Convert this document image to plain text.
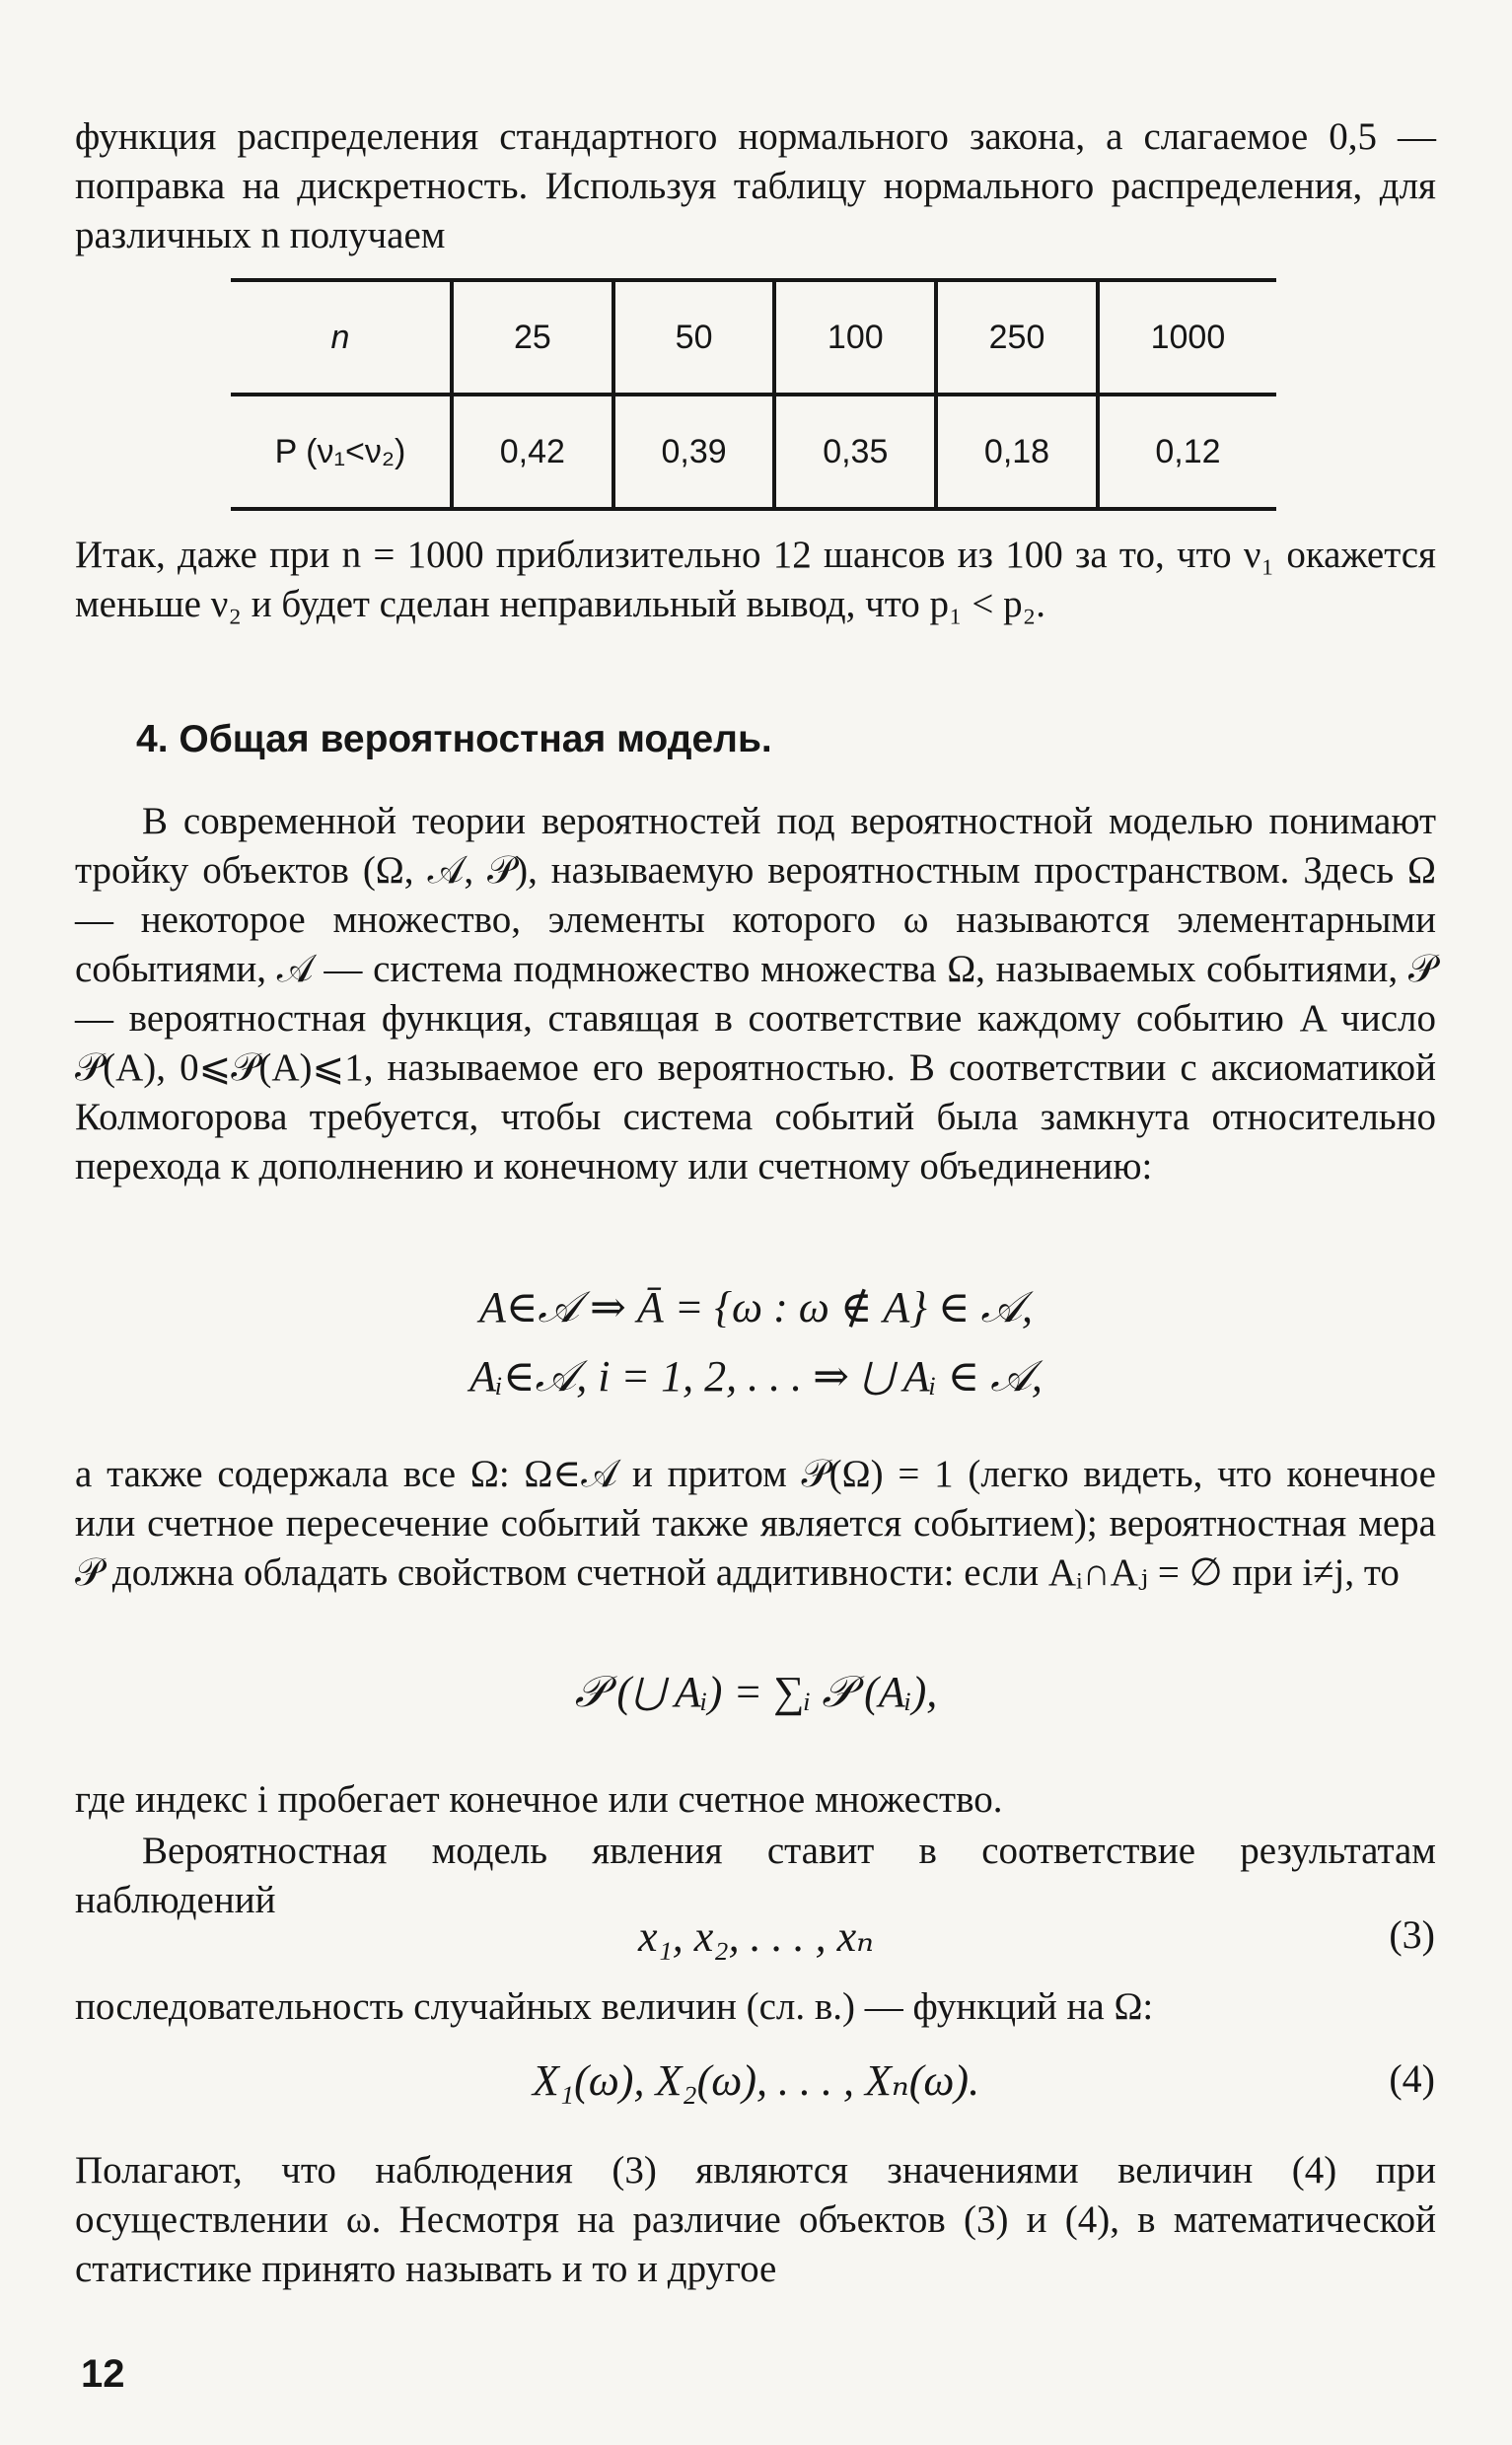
функция распределения стандартного нормального закона, а слагаемое 0,5 — поправка на дискретность. Используя таблицу нормального распределения, для различных n получаем

n	25	50	100	250	1000
P (ν₁<ν₂)	0,42	0,39	0,35	0,18	0,12

Итак, даже при n = 1000 приблизительно 12 шансов из 100 за то, что ν₁ окажется меньше ν₂ и будет сделан неправильный вывод, что p₁ < p₂.

4. Общая вероятностная модель.

В современной теории вероятностей под вероятностной моделью понимают тройку объектов (Ω, 𝒜, 𝒫), называемую вероятностным пространством. Здесь Ω — некоторое множество, элементы которого ω называются элементарными событиями, 𝒜 — система подмножество множества Ω, называемых событиями, 𝒫 — вероятностная функция, ставящая в соответствие каждому событию A число 𝒫(A), 0⩽𝒫(A)⩽1, называемое его вероятностью. В соответствии с аксиоматикой Колмогорова требуется, чтобы система событий была замкнута относительно перехода к дополнению и конечному или счетному объединению:

A∈𝒜 ⇒ Ā = {ω : ω ∉ A} ∈ 𝒜,

Aᵢ∈𝒜, i = 1, 2, . . . ⇒ ⋃ Aᵢ ∈ 𝒜,

а также содержала все Ω: Ω∈𝒜 и притом 𝒫(Ω) = 1 (легко видеть, что конечное или счетное пересечение событий также является событием); вероятностная мера 𝒫 должна обладать свойством счетной аддитивности: если Aᵢ∩Aⱼ = ∅ при i≠j, то

𝒫 (⋃ Aᵢ) = ∑ᵢ 𝒫 (Aᵢ),

где индекс i пробегает конечное или счетное множество.

Вероятностная модель явления ставит в соответствие результатам наблюдений

x₁, x₂, . . . , xₙ	(3)

последовательность случайных величин (сл. в.) — функций на Ω:

X₁(ω), X₂(ω), . . . , Xₙ(ω).	(4)

Полагают, что наблюдения (3) являются значениями величин (4) при осуществлении ω. Несмотря на различие объектов (3) и (4), в математической статистике принято называть и то и другое

12
